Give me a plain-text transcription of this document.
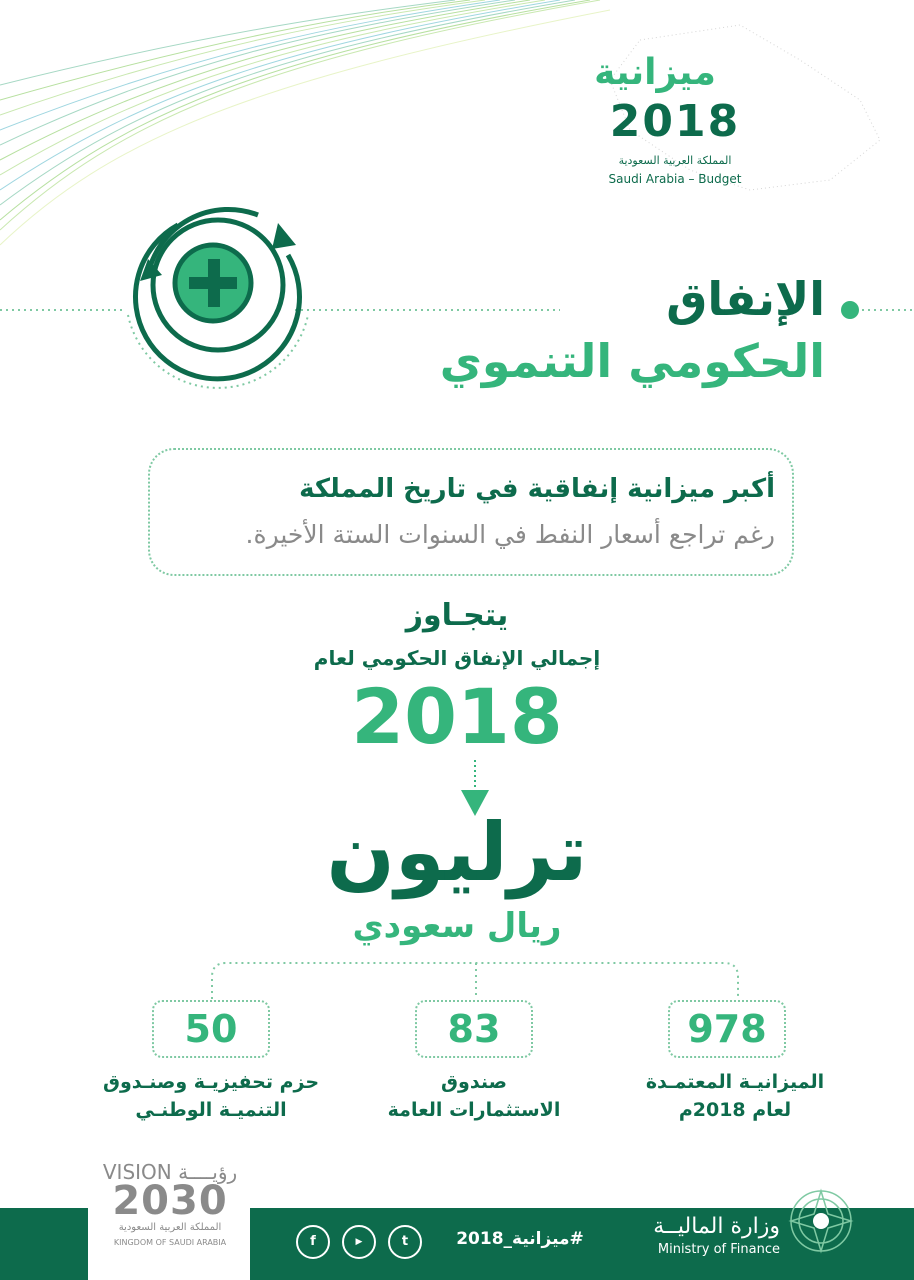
ميزانية
2018
المملكة العربية السعودية
Saudi Arabia – Budget
الإنفاق
الحكومي التنموي
أكبر ميزانية إنفاقية في تاريخ المملكة
رغم تراجع أسعار النفط في السنوات الستة الأخيرة.
يتجـاوز
إجمالي الإنفاق الحكومي لعام
2018
ترليون
ريال سعودي
978
83
50
الميزانيـة المعتمـدة
لعام 2018م
صندوق
الاستثمارات العامة
حزم تحفيزيـة وصنـدوق
التنميـة الوطنـي
VISION رؤيــــة
2030
المملكة العربية السعودية
KINGDOM OF SAUDI ARABIA	f	▶	t	#ميزانية_2018	وزارة الماليــة
Ministry of Finance
